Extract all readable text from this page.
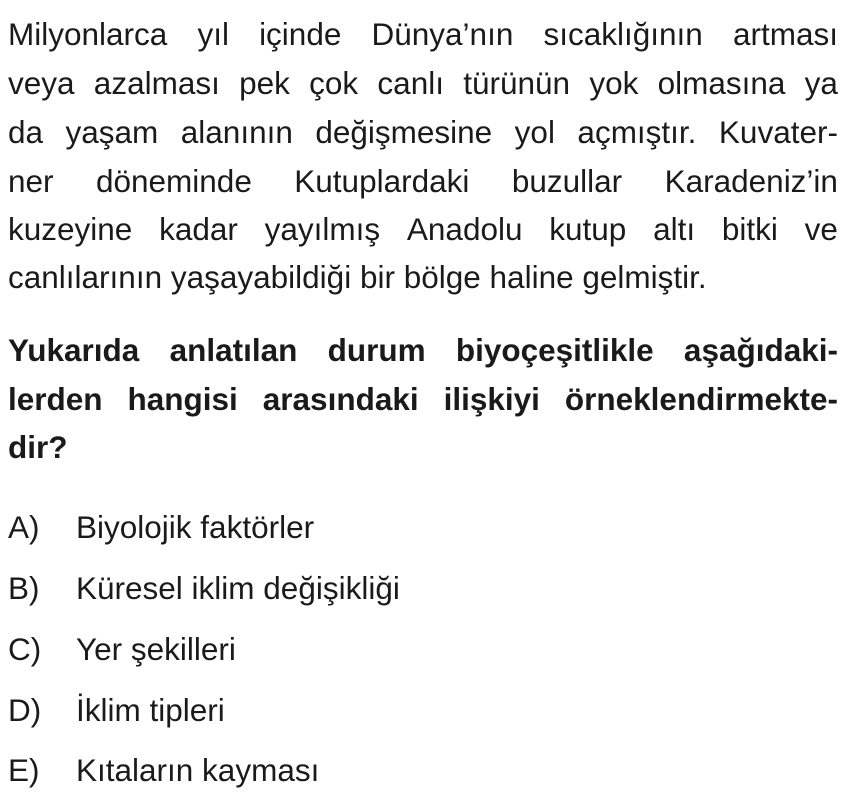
Milyonlarca yıl içinde Dünya’nın sıcaklığının artması
veya azalması pek çok canlı türünün yok olmasına ya
da yaşam alanının değişmesine yol açmıştır. Kuvater-
ner döneminde Kutuplardaki buzullar Karadeniz’in
kuzeyine kadar yayılmış Anadolu kutup altı bitki ve
canlılarının yaşayabildiği bir bölge haline gelmiştir.
Yukarıda anlatılan durum biyoçeşitlikle aşağıdaki-
lerden hangisi arasındaki ilişkiyi örneklendirmekte-
dir?
A) Biyolojik faktörler
B) Küresel iklim değişikliği
C) Yer şekilleri
D) İklim tipleri
E) Kıtaların kayması
